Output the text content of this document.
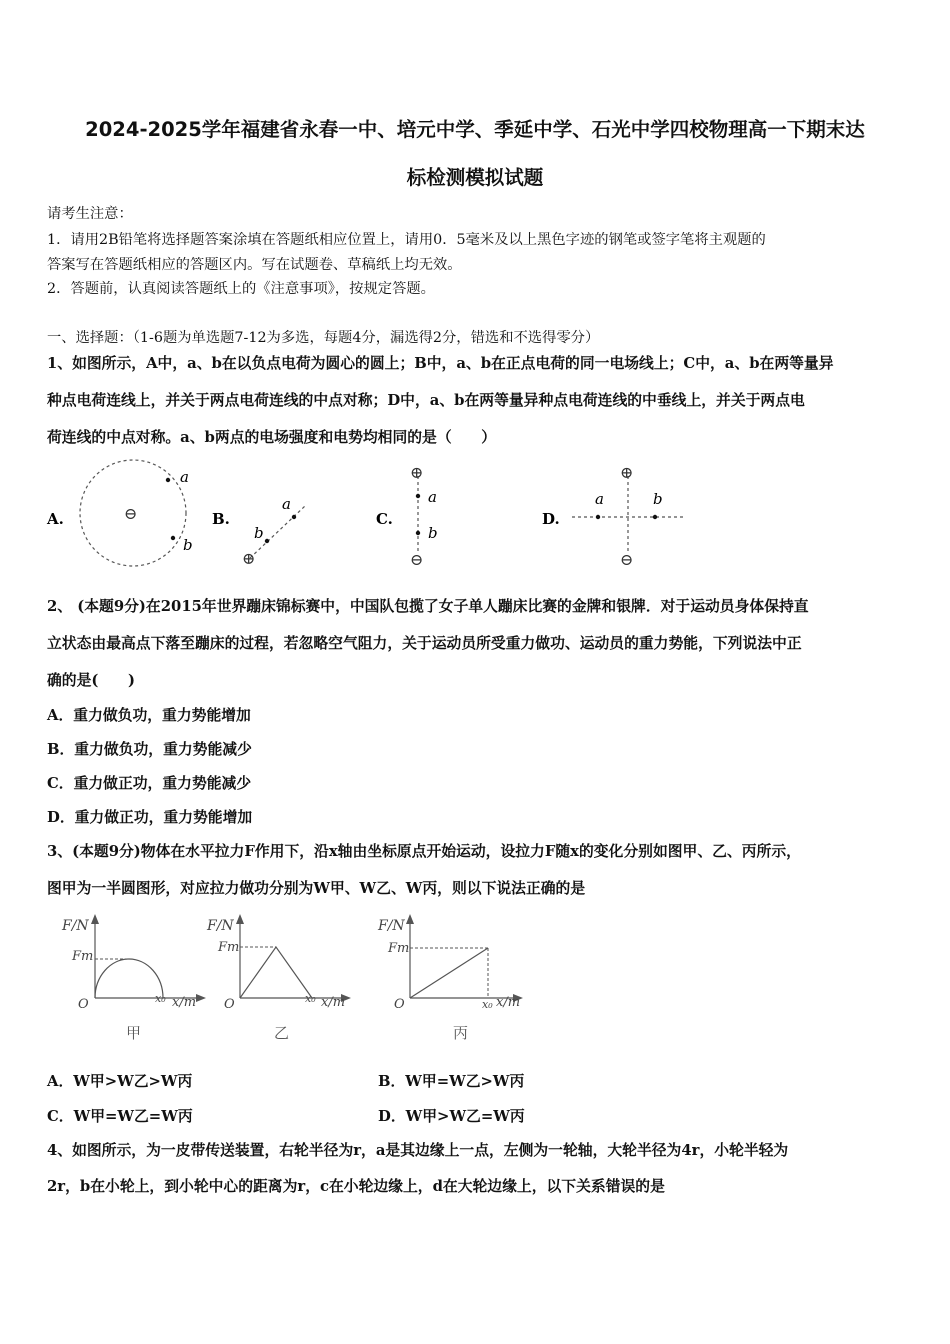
2024-2025学年福建省永春一中、培元中学、季延中学、石光中学四校物理高一下期末达
标检测模拟试题
请考生注意：
1．请用2B铅笔将选择题答案涂填在答题纸相应位置上，请用0．5毫米及以上黑色字迹的钢笔或签字笔将主观题的
答案写在答题纸相应的答题区内。写在试题卷、草稿纸上均无效。
2．答题前，认真阅读答题纸上的《注意事项》，按规定答题。
一、选择题：（1-6题为单选题7-12为多选，每题4分，漏选得2分，错选和不选得零分）
1、如图所示，A中，a、b在以负点电荷为圆心的圆上；B中，a、b在正点电荷的同一电场线上；C中，a、b在两等量异
种点电荷连线上，并关于两点电荷连线的中点对称；D中，a、b在两等量异种点电荷连线的中垂线上，并关于两点电
荷连线的中点对称。a、b两点的电场强度和电势均相同的是（　　）
A.	⊖
a
b
B.
⊕
a
b
C.
⊕
⊖
a
b
D.
⊕
⊖
a	b
2、 (本题9分)在2015年世界蹦床锦标赛中，中国队包揽了女子单人蹦床比赛的金牌和银牌．对于运动员身体保持直
立状态由最高点下落至蹦床的过程，若忽略空气阻力，关于运动员所受重力做功、运动员的重力势能，下列说法中正
确的是(　　)
A．重力做负功，重力势能增加
B．重力做负功，重力势能减少
C．重力做正功，重力势能减少
D．重力做正功，重力势能增加
3、(本题9分)物体在水平拉力F作用下，沿x轴由坐标原点开始运动，设拉力F随x的变化分别如图甲、乙、丙所示，
图甲为一半圆图形，对应拉力做功分别为W甲、W乙、W丙，则以下说法正确的是
F/N
Fm
O	x₀ x/m
甲
F/N
Fm
O	x₀ x/m
乙
F/N
Fm
O	x₀ x/m
丙
A．W甲>W乙>W丙	B．W甲=W乙>W丙
C．W甲=W乙=W丙	D．W甲>W乙=W丙
4、如图所示，为一皮带传送装置，右轮半径为r，a是其边缘上一点，左侧为一轮轴，大轮半径为4r，小轮半轻为
2r，b在小轮上，到小轮中心的距离为r，c在小轮边缘上，d在大轮边缘上，以下关系错误的是
